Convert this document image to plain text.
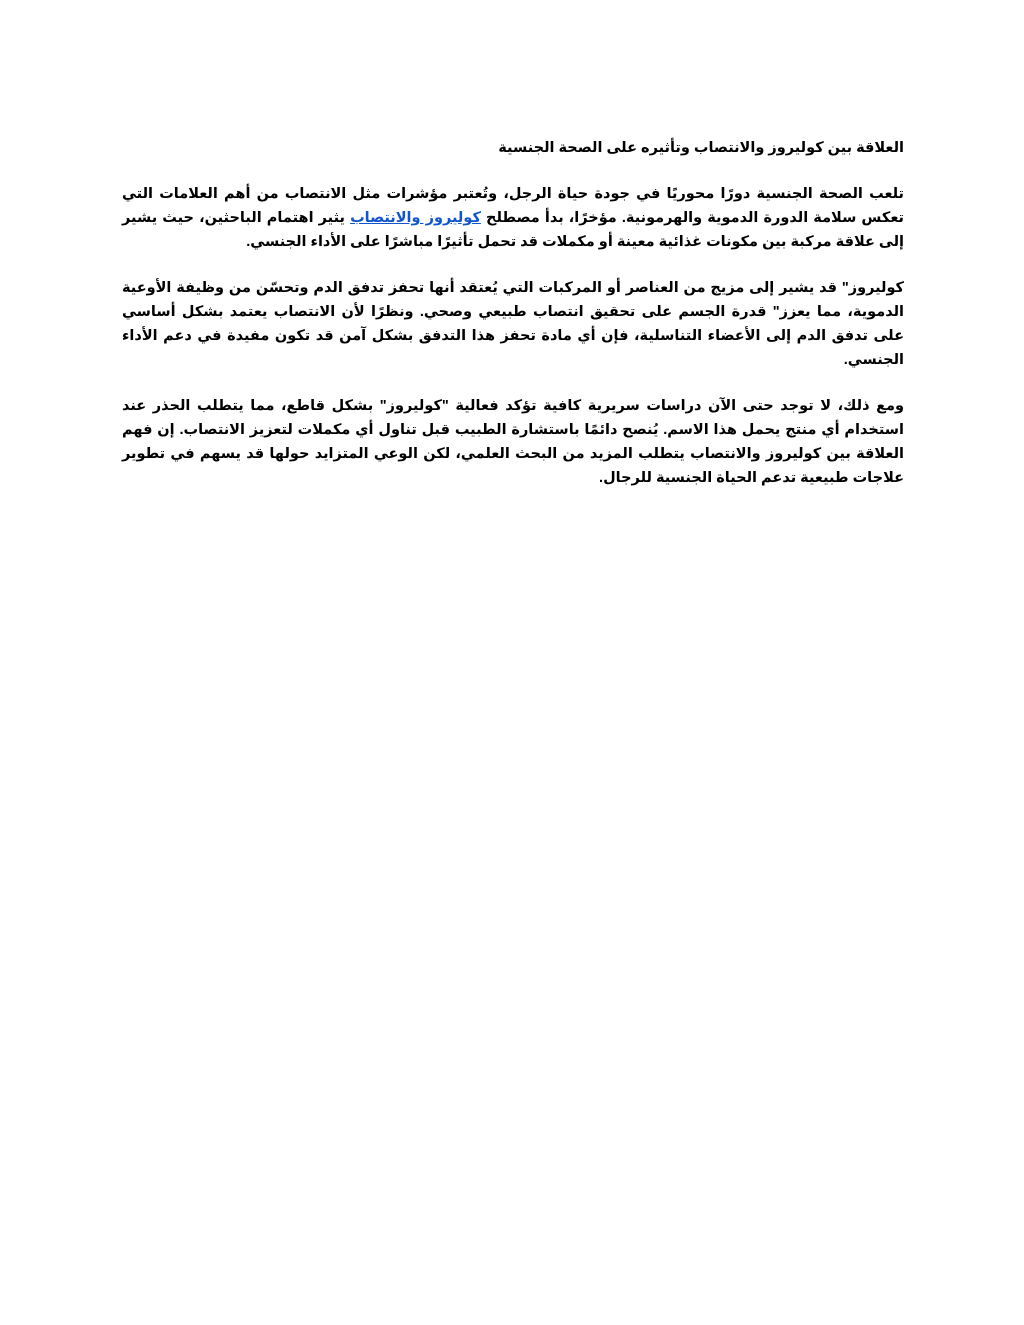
العلاقة بين كوليروز والانتصاب وتأثيره على الصحة الجنسية

تلعب الصحة الجنسية دورًا محوريًا في جودة حياة الرجل، وتُعتبر مؤشرات مثل الانتصاب من أهم العلامات التي تعكس سلامة الدورة الدموية والهرمونية. مؤخرًا، بدأ مصطلح كوليروز والانتصاب يثير اهتمام الباحثين، حيث يشير إلى علاقة مركبة بين مكونات غذائية معينة أو مكملات قد تحمل تأثيرًا مباشرًا على الأداء الجنسي.

كوليروز" قد يشير إلى مزيج من العناصر أو المركبات التي يُعتقد أنها تحفز تدفق الدم وتحسّن من وظيفة الأوعية الدموية، مما يعزز" قدرة الجسم على تحقيق انتصاب طبيعي وصحي. ونظرًا لأن الانتصاب يعتمد بشكل أساسي على تدفق الدم إلى الأعضاء التناسلية، فإن أي مادة تحفز هذا التدفق بشكل آمن قد تكون مفيدة في دعم الأداء الجنسي.

ومع ذلك، لا توجد حتى الآن دراسات سريرية كافية تؤكد فعالية "كوليروز" بشكل قاطع، مما يتطلب الحذر عند استخدام أي منتج يحمل هذا الاسم. يُنصح دائمًا باستشارة الطبيب قبل تناول أي مكملات لتعزيز الانتصاب. إن فهم العلاقة بين كوليروز والانتصاب يتطلب المزيد من البحث العلمي، لكن الوعي المتزايد حولها قد يسهم في تطوير علاجات طبيعية تدعم الحياة الجنسية للرجال.
